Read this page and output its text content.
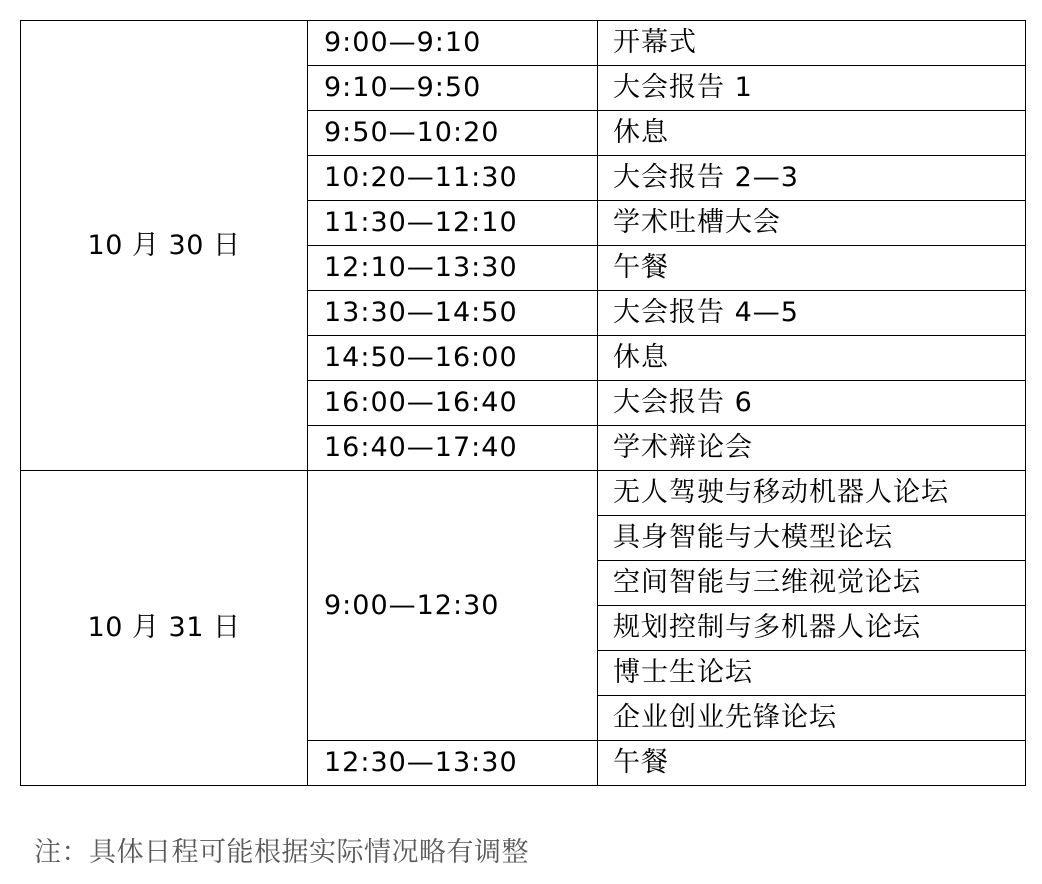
10 月 30 日	9:00—9:10	开幕式
	9:10—9:50	大会报告 1
	9:50—10:20	休息
	10:20—11:30	大会报告 2—3
	11:30—12:10	学术吐槽大会
	12:10—13:30	午餐
	13:30—14:50	大会报告 4—5
	14:50—16:00	休息
	16:00—16:40	大会报告 6
	16:40—17:40	学术辩论会
10 月 31 日	9:00—12:30	无人驾驶与移动机器人论坛
		具身智能与大模型论坛
		空间智能与三维视觉论坛
		规划控制与多机器人论坛
		博士生论坛
		企业创业先锋论坛
	12:30—13:30	午餐
注：具体日程可能根据实际情况略有调整
